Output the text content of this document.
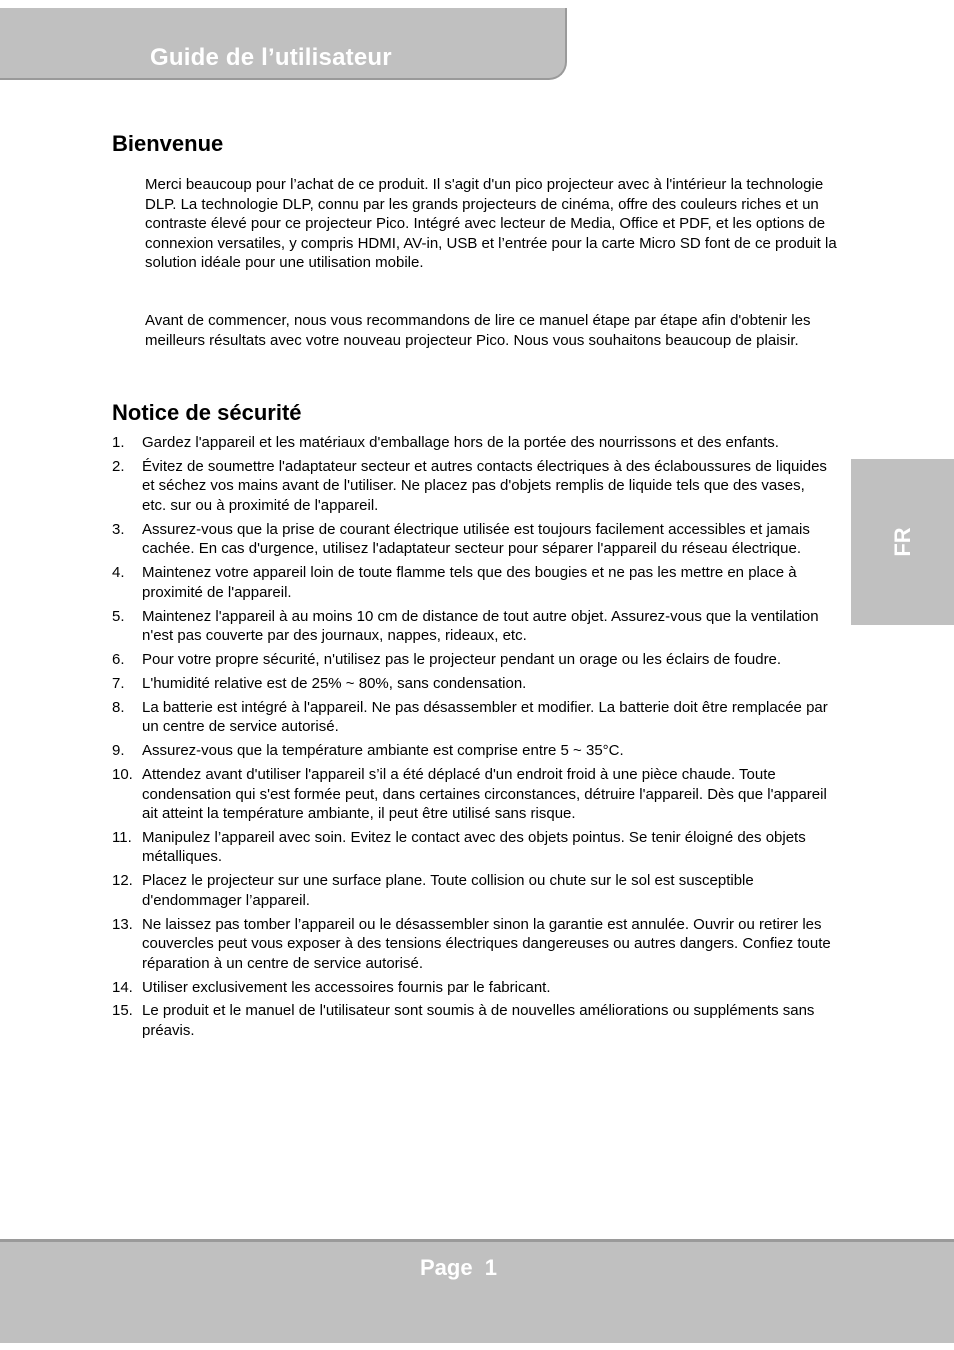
Guide de l’utilisateur
Bienvenue

Merci beaucoup pour l’achat de ce produit. Il s'agit d'un pico projecteur avec à l'intérieur la technologie DLP. La technologie DLP, connu par les grands projecteurs de cinéma, offre des couleurs riches et un contraste élevé pour ce projecteur Pico. Intégré avec lecteur de Media, Office et PDF, et les options de connexion versatiles, y compris HDMI, AV-in, USB et l’entrée pour la carte Micro SD font de ce produit la solution idéale pour une utilisation mobile.

Avant de commencer, nous vous recommandons de lire ce manuel étape par étape afin d'obtenir les meilleurs résultats avec votre nouveau projecteur Pico. Nous vous souhaitons beaucoup de plaisir.

Notice de sécurité
1. Gardez l'appareil et les matériaux d'emballage hors de la portée des nourrissons et des enfants.
2. Évitez de soumettre l'adaptateur secteur et autres contacts électriques à des éclaboussures de liquides et séchez vos mains avant de l'utiliser. Ne placez pas d'objets remplis de liquide tels que des vases, etc. sur ou à proximité de l'appareil.
3. Assurez-vous que la prise de courant électrique utilisée est toujours facilement accessibles et jamais cachée. En cas d'urgence, utilisez l'adaptateur secteur pour séparer l'appareil du réseau électrique.
4. Maintenez votre appareil loin de toute flamme tels que des bougies et ne pas les mettre en place à proximité de l'appareil.
5. Maintenez l'appareil à au moins 10 cm de distance de tout autre objet. Assurez-vous que la ventilation n'est pas couverte par des journaux, nappes, rideaux, etc.
6. Pour votre propre sécurité, n'utilisez pas le projecteur pendant un orage ou les éclairs de foudre.
7. L'humidité relative est de 25% ~ 80%, sans condensation.
8. La batterie est intégré à l'appareil. Ne pas désassembler et modifier. La batterie doit être remplacée par un centre de service autorisé.
9. Assurez-vous que la température ambiante est comprise entre 5 ~ 35°C.
10. Attendez avant d'utiliser l'appareil s’il a été déplacé d'un endroit froid à une pièce chaude. Toute condensation qui s'est formée peut, dans certaines circonstances, détruire l'appareil. Dès que l'appareil ait atteint la température ambiante, il peut être utilisé sans risque.
11. Manipulez l’appareil avec soin. Evitez le contact avec des objets pointus. Se tenir éloigné des objets métalliques.
12. Placez le projecteur sur une surface plane. Toute collision ou chute sur le sol est susceptible d'endommager l’appareil.
13. Ne laissez pas tomber l’appareil ou le désassembler sinon la garantie est annulée. Ouvrir ou retirer les couvercles peut vous exposer à des tensions électriques dangereuses ou autres dangers. Confiez toute réparation à un centre de service autorisé.
14. Utiliser exclusivement les accessoires fournis par le fabricant.
15. Le produit et le manuel de l'utilisateur sont soumis à de nouvelles améliorations ou suppléments sans préavis.
FR
Page  1
